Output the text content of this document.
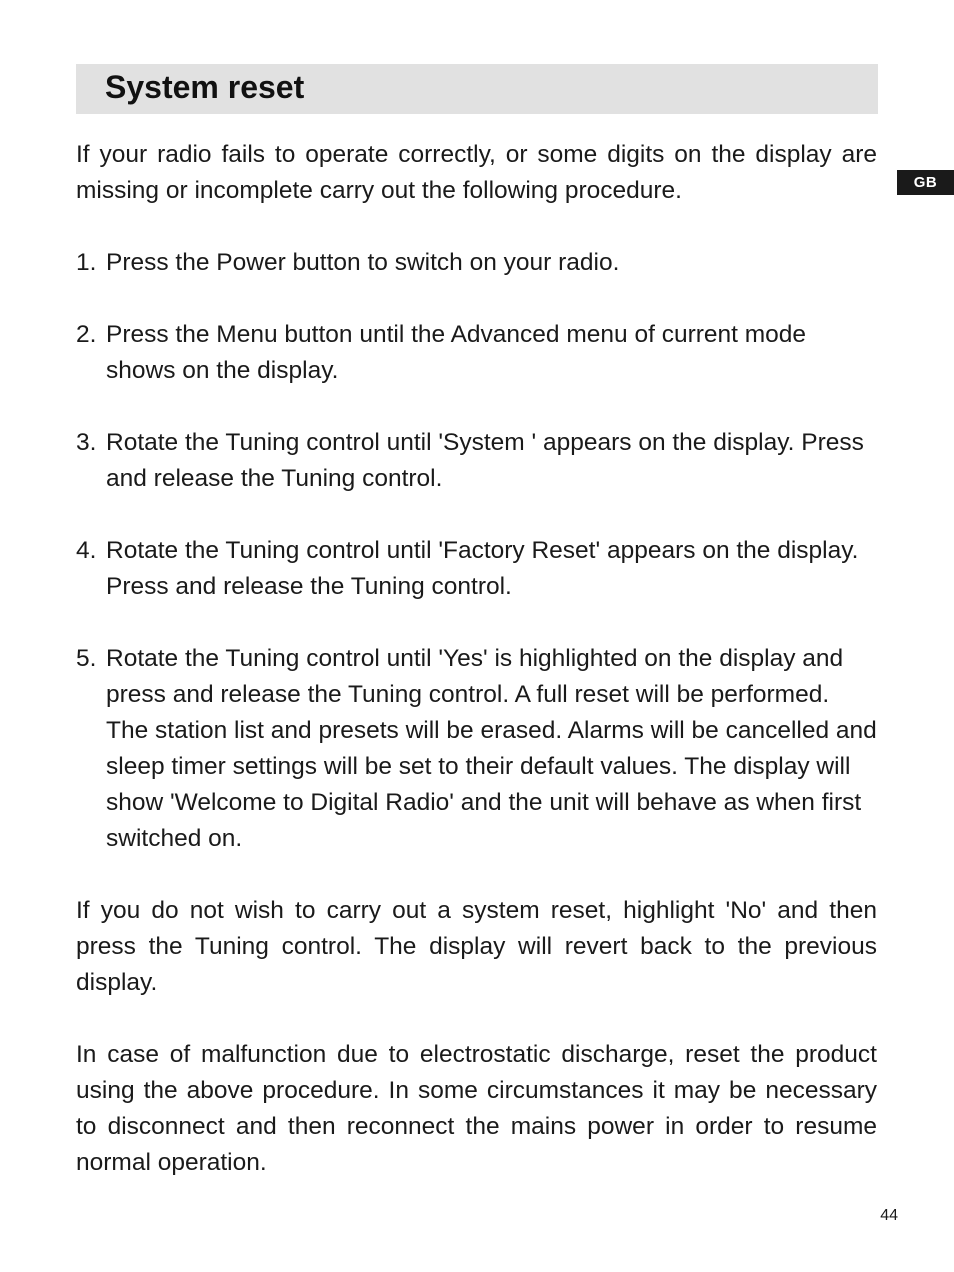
System reset
GB

If your radio fails to operate correctly, or some digits on the display are missing or incomplete carry out the following procedure.

1. Press the Power button to switch on your radio.
2. Press the Menu button until the Advanced menu of current mode shows on the display.
3. Rotate the Tuning control until 'System ' appears on the display. Press and release the Tuning control.
4. Rotate the Tuning control until 'Factory Reset' appears on the display. Press and release the Tuning control.
5. Rotate the Tuning control until 'Yes' is highlighted on the display and press and release the Tuning control. A full reset will be performed. The station list and presets will be erased. Alarms will be cancelled and sleep timer settings will be set to their default values. The display will show 'Welcome to Digital Radio' and the unit will behave as when first switched on.

If you do not wish to carry out a system reset, highlight 'No' and then press the Tuning control. The display will revert back to the previous display.

In case of malfunction due to electrostatic discharge, reset the product using the above procedure. In some circumstances it may be necessary to disconnect and then reconnect the mains power in order to resume normal operation.

44
